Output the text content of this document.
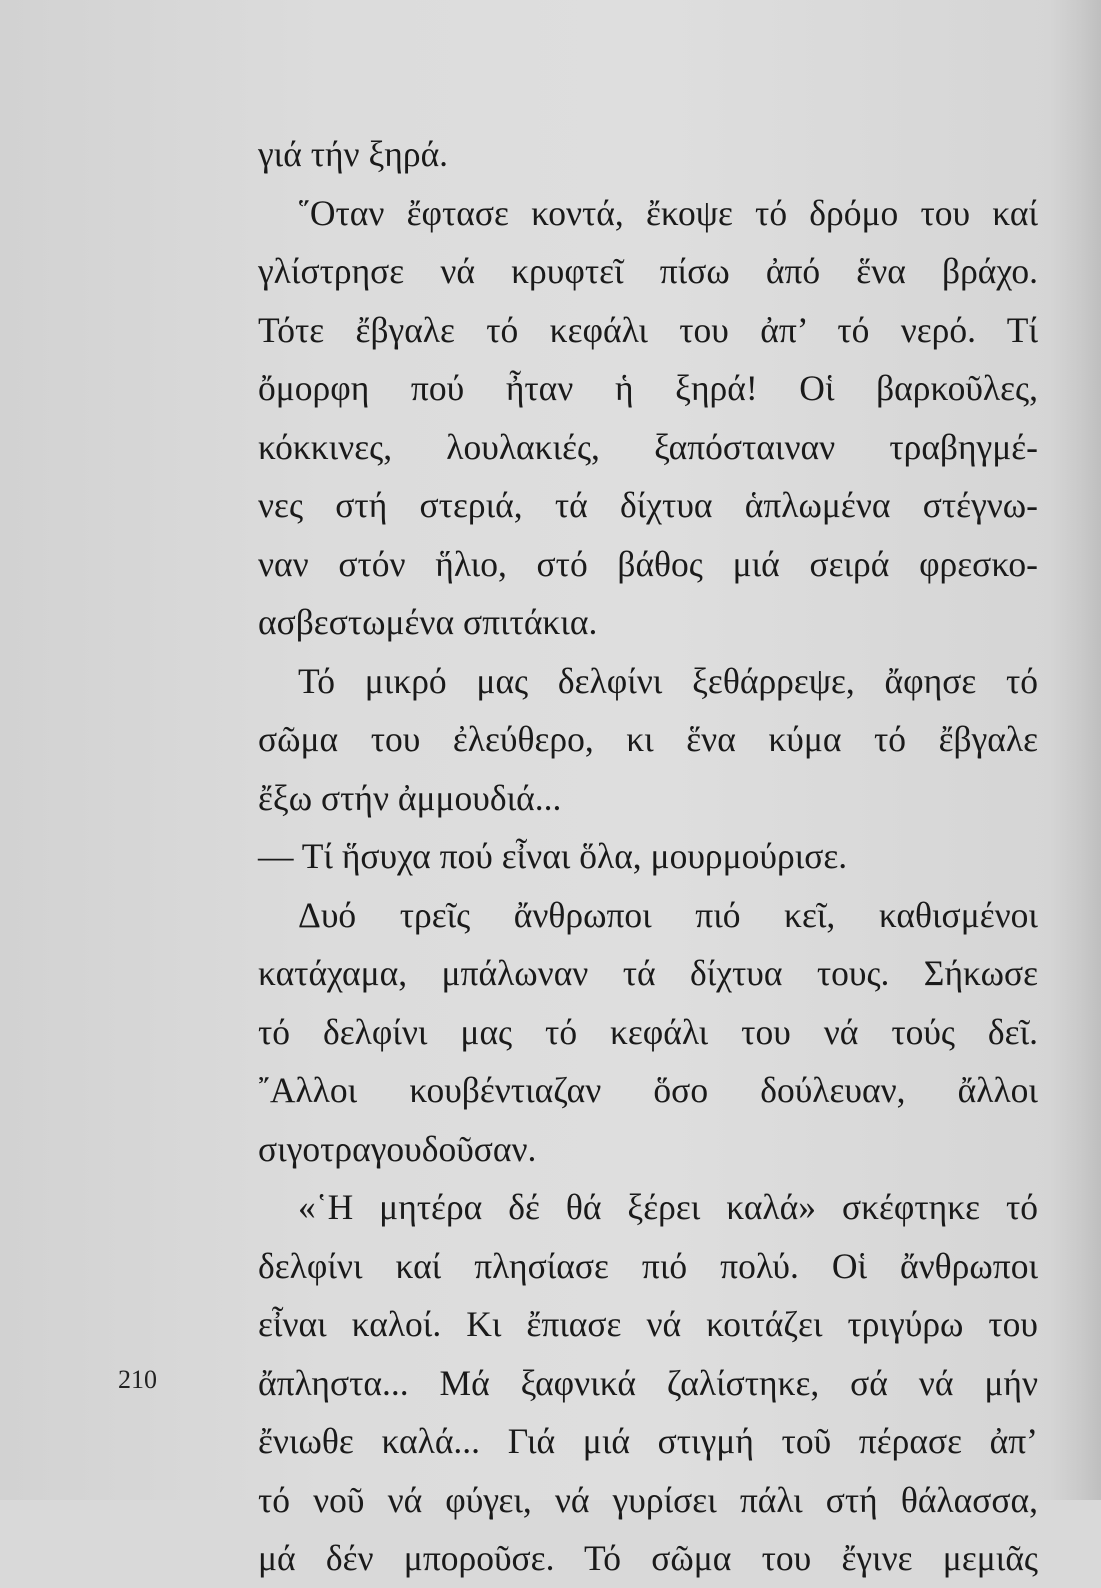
γιά τήν ξηρά.
῞Οταν ἔφτασε κοντά, ἔκοψε τό δρόμο του καί
γλίστρησε νά κρυφτεῖ πίσω ἀπό ἕνα βράχο.
Τότε ἔβγαλε τό κεφάλι του ἀπ’ τό νερό. Τί
ὄμορφη πού ἦταν ἡ ξηρά! Οἱ βαρκοῦλες,
κόκκινες, λουλακιές, ξαπόσταιναν τραβηγμέ-
νες στή στεριά, τά δίχτυα ἁπλωμένα στέγνω-
ναν στόν ἥλιο, στό βάθος μιά σειρά φρεσκο-
ασβεστωμένα σπιτάκια.
Τό μικρό μας δελφίνι ξεθάρρεψε, ἄφησε τό
σῶμα του ἐλεύθερο, κι ἕνα κύμα τό ἔβγαλε
ἔξω στήν ἀμμουδιά...
— Τί ἥσυχα πού εἶναι ὅλα, μουρμούρισε.
Δυό τρεῖς ἄνθρωποι πιό κεῖ, καθισμένοι
κατάχαμα, μπάλωναν τά δίχτυα τους. Σήκωσε
τό δελφίνι μας τό κεφάλι του νά τούς δεῖ.
῎Αλλοι κουβέντιαζαν ὅσο δούλευαν, ἄλλοι
σιγοτραγουδοῦσαν.
«῾Η μητέρα δέ θά ξέρει καλά» σκέφτηκε τό
δελφίνι καί πλησίασε πιό πολύ. Οἱ ἄνθρωποι
εἶναι καλοί. Κι ἔπιασε νά κοιτάζει τριγύρω του
ἄπληστα... Μά ξαφνικά ζαλίστηκε, σά νά μήν
ἔνιωθε καλά... Γιά μιά στιγμή τοῦ πέρασε ἀπ’
τό νοῦ νά φύγει, νά γυρίσει πάλι στή θάλασσα,
μά δέν μποροῦσε. Τό σῶμα του ἔγινε μεμιᾶς
210
